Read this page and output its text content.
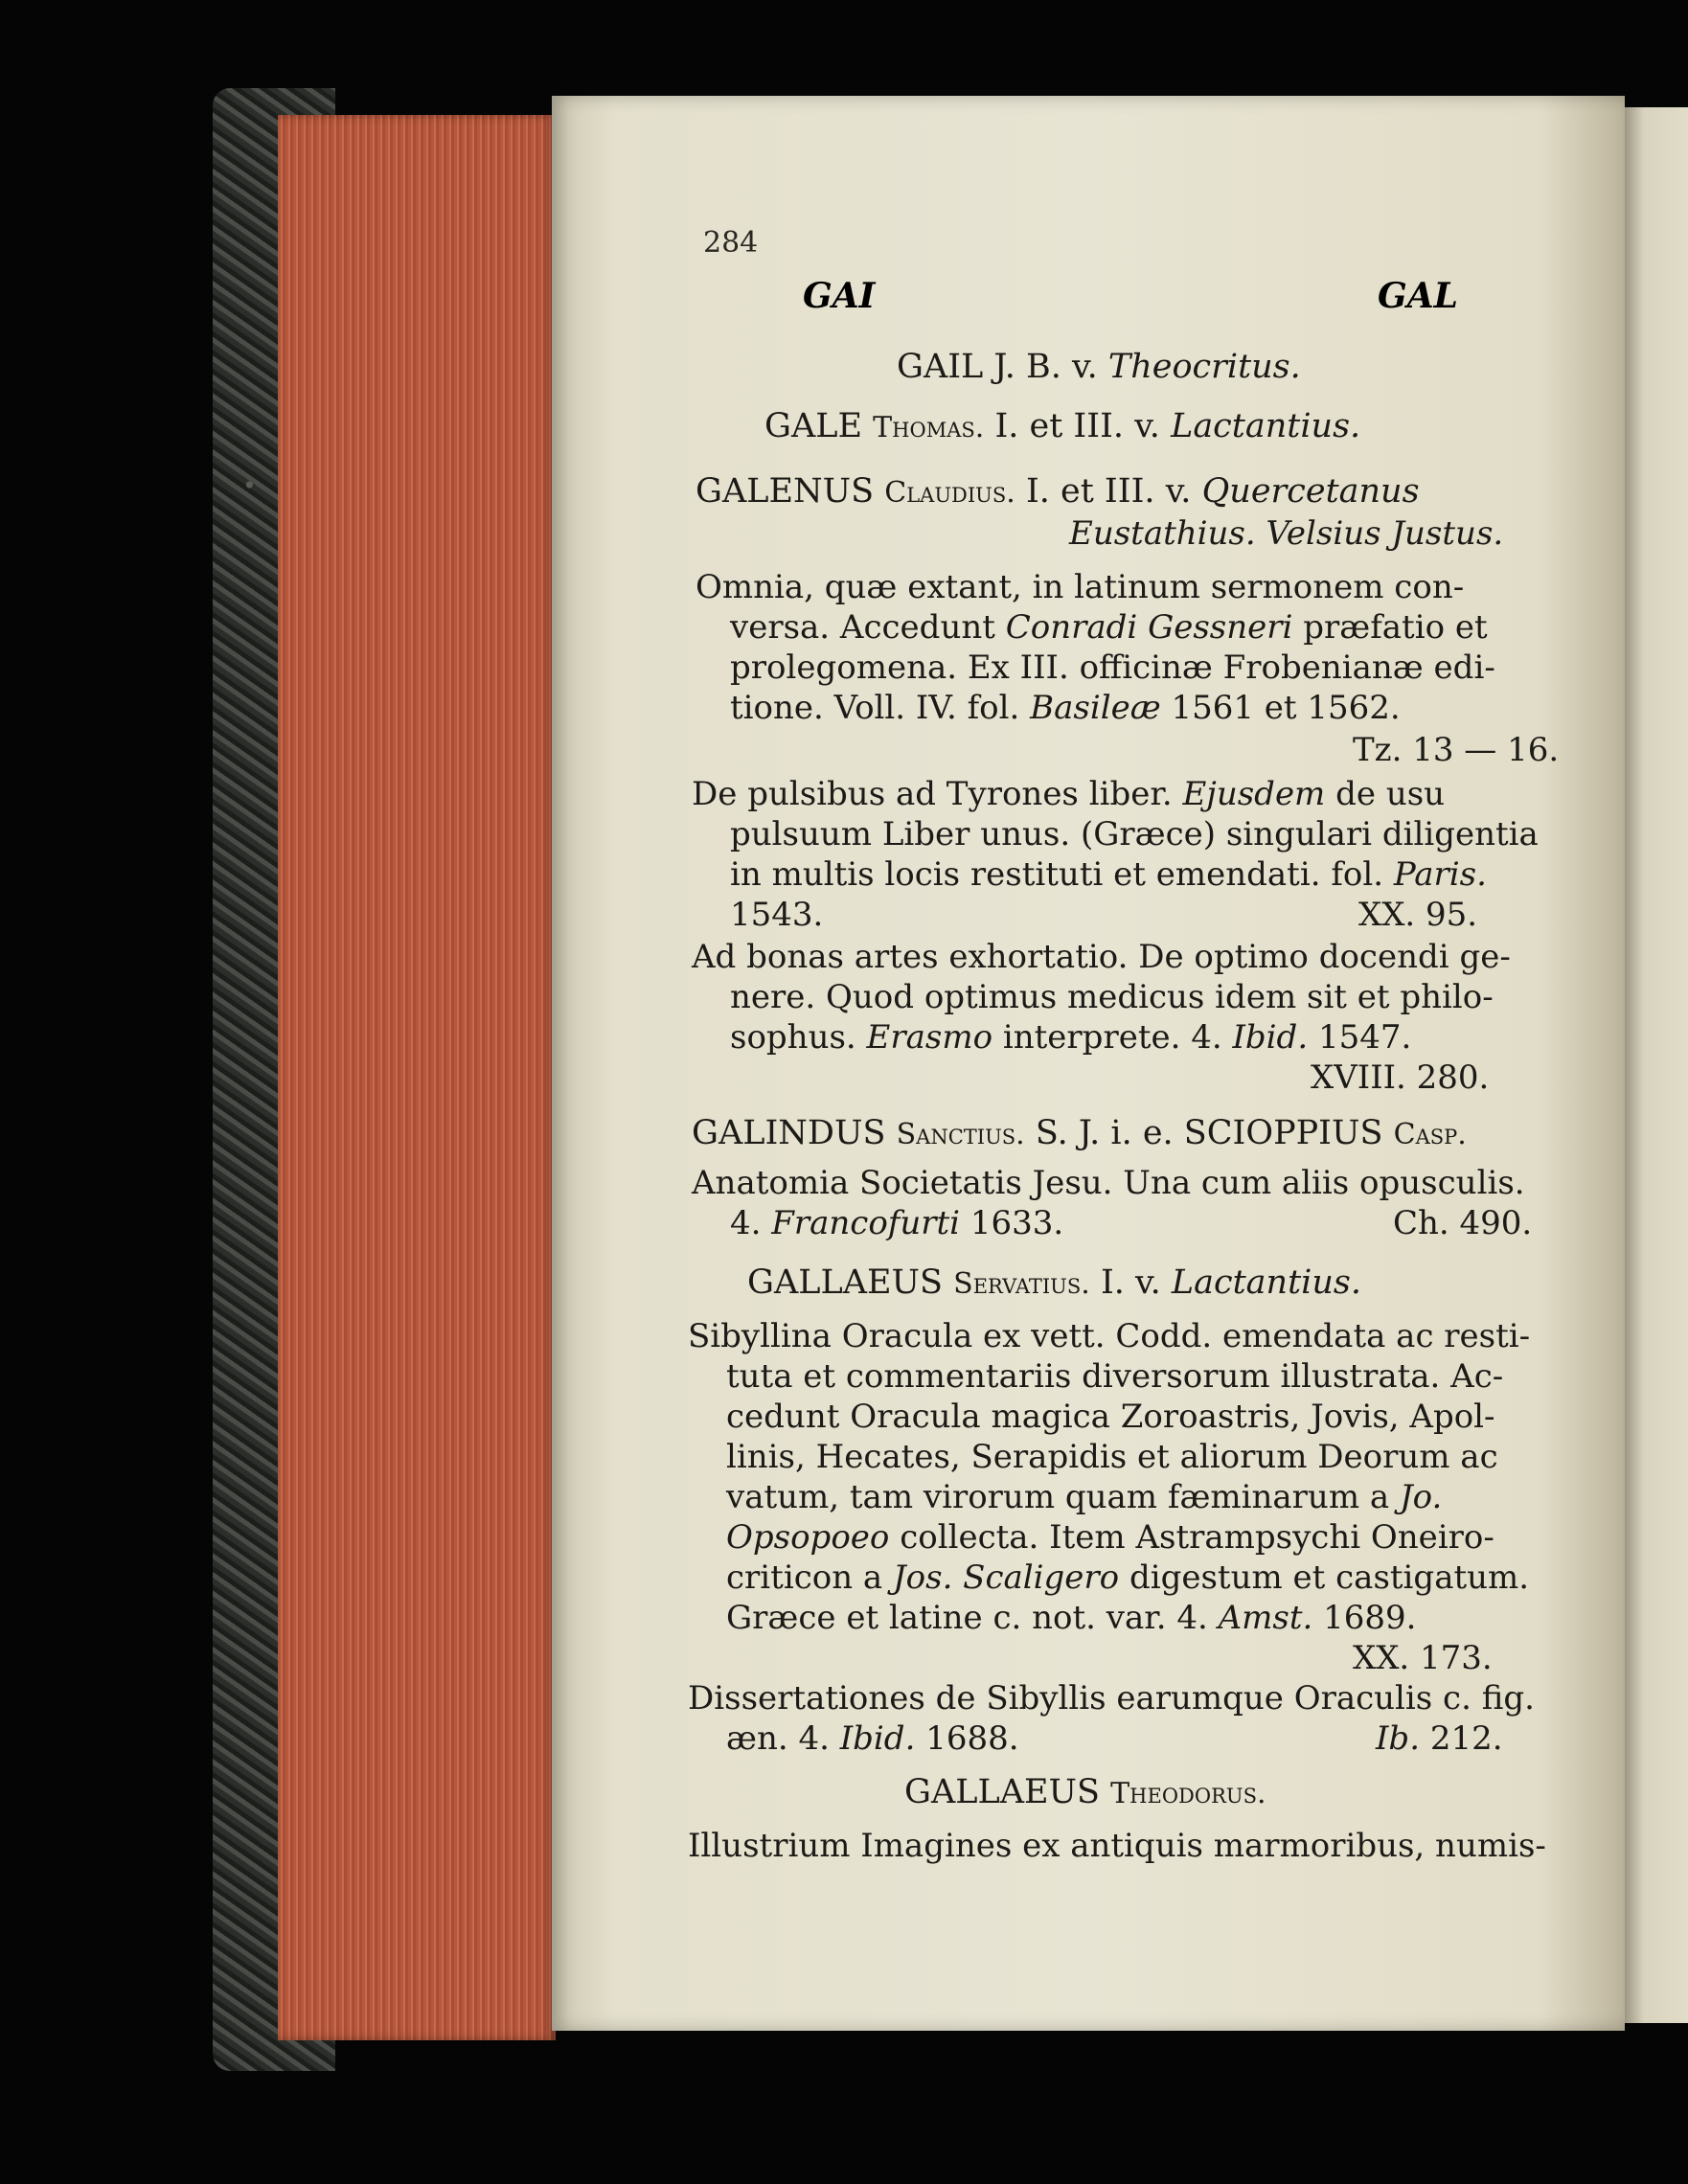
284
GAI	GAL
GAIL J. B. v. Theocritus.
GALE Thomas. I. et III. v. Lactantius.
GALENUS Claudius. I. et III. v. Quercetanus
Eustathius. Velsius Justus.
Omnia, quæ extant, in latinum sermonem con-
versa. Accedunt Conradi Gessneri præfatio et
prolegomena. Ex III. officinæ Frobenianæ edi-
tione. Voll. IV. fol. Basileæ 1561 et 1562.
Tz. 13 — 16.
De pulsibus ad Tyrones liber. Ejusdem de usu
pulsuum Liber unus. (Græce) singulari diligentia
in multis locis restituti et emendati. fol. Paris.
1543.	XX. 95.
Ad bonas artes exhortatio. De optimo docendi ge-
nere. Quod optimus medicus idem sit et philo-
sophus. Erasmo interprete. 4. Ibid. 1547.
XVIII. 280.
GALINDUS Sanctius. S. J. i. e. SCIOPPIUS Casp.
Anatomia Societatis Jesu. Una cum aliis opusculis.
4. Francofurti 1633.	Ch. 490.
GALLAEUS Servatius. I. v. Lactantius.
Sibyllina Oracula ex vett. Codd. emendata ac resti-
tuta et commentariis diversorum illustrata. Ac-
cedunt Oracula magica Zoroastris, Jovis, Apol-
linis, Hecates, Serapidis et aliorum Deorum ac
vatum, tam virorum quam fæminarum a Jo.
Opsopoeo collecta. Item Astrampsychi Oneiro-
criticon a Jos. Scaligero digestum et castigatum.
Græce et latine c. not. var. 4. Amst. 1689.
XX. 173.
Dissertationes de Sibyllis earumque Oraculis c. fig.
æn. 4. Ibid. 1688.	Ib. 212.
GALLAEUS Theodorus.
Illustrium Imagines ex antiquis marmoribus, numis-
